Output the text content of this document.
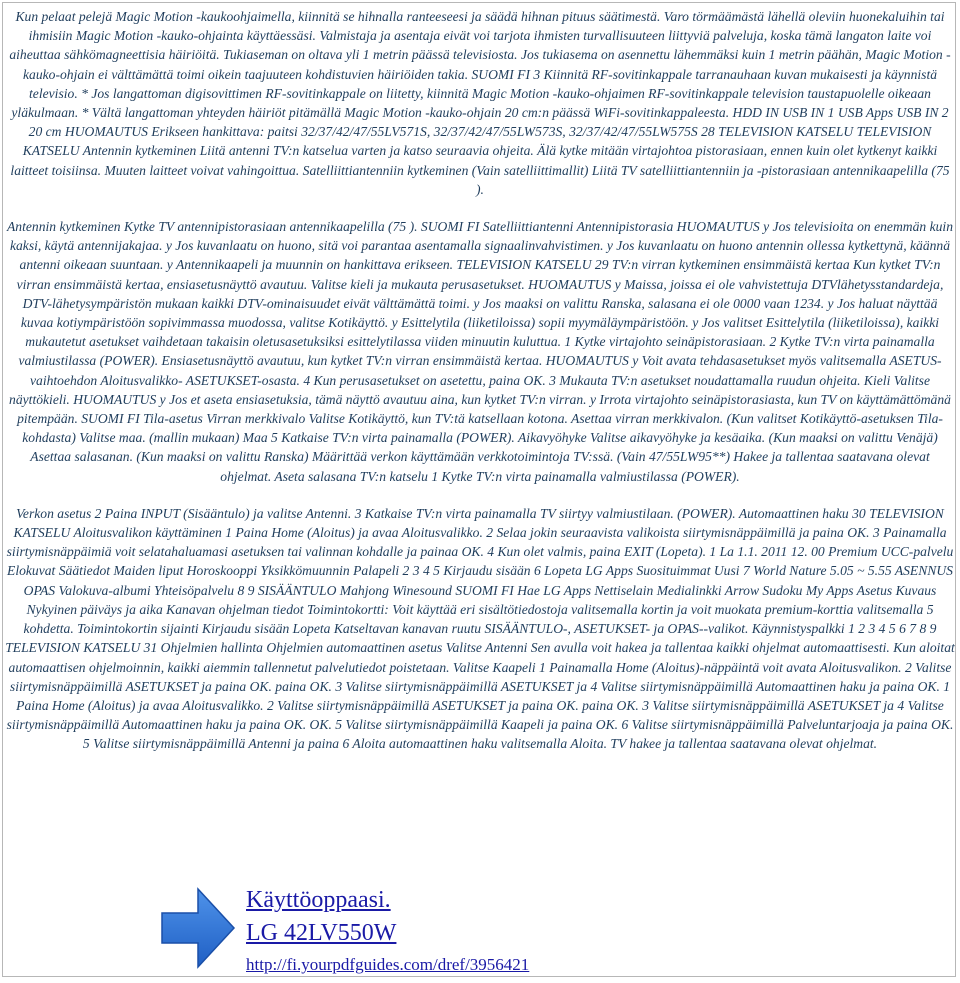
Kun pelaat pelejä Magic Motion -kaukoohjaimella, kiinnitä se hihnalla ranteeseesi ja säädä hihnan pituus säätimestä. Varo törmäämästä lähellä oleviin huonekaluihin tai ihmisiin Magic Motion -kauko-ohjainta käyttäessäsi. Valmistaja ja asentaja eivät voi tarjota ihmisten turvallisuuteen liittyviä palveluja, koska tämä langaton laite voi aiheuttaa sähkömagneettisia häiriöitä. Tukiaseman on oltava yli 1 metrin päässä televisiosta. Jos tukiasema on asennettu lähemmäksi kuin 1 metrin päähän, Magic Motion -kauko-ohjain ei välttämättä toimi oikein taajuuteen kohdistuvien häiriöiden takia. SUOMI FI 3 Kiinnitä RF-sovitinkappale tarranauhaan kuvan mukaisesti ja käynnistä televisio. * Jos langattoman digisovittimen RF-sovitinkappale on liitetty, kiinnitä Magic Motion -kauko-ohjaimen RF-sovitinkappale television taustapuolelle oikeaan yläkulmaan. * Vältä langattoman yhteyden häiriöt pitämällä Magic Motion -kauko-ohjain 20 cm:n päässä WiFi-sovitinkappaleesta. HDD IN USB IN 1 USB Apps USB IN 2 20 cm HUOMAUTUS Erikseen hankittava: paitsi 32/37/42/47/55LV571S, 32/37/42/47/55LW573S, 32/37/42/47/55LW575S 28 TELEVISION KATSELU TELEVISION KATSELU Antennin kytkeminen Liitä antenni TV:n katselua varten ja katso seuraavia ohjeita. Älä kytke mitään virtajohtoa pistorasiaan, ennen kuin olet kytkenyt kaikki laitteet toisiinsa. Muuten laitteet voivat vahingoittua. Satelliittiantenniin kytkeminen (Vain satelliittimallit) Liitä TV satelliittiantenniin ja -pistorasiaan antennikaapelilla (75 ).

Antennin kytkeminen Kytke TV antennipistorasiaan antennikaapelilla (75 ). SUOMI FI Satelliittiantenni Antennipistorasia HUOMAUTUS y Jos televisioita on enemmän kuin kaksi, käytä antennijakajaa. y Jos kuvanlaatu on huono, sitä voi parantaa asentamalla signaalinvahvistimen. y Jos kuvanlaatu on huono antennin ollessa kytkettynä, käännä antenni oikeaan suuntaan. y Antennikaapeli ja muunnin on hankittava erikseen. TELEVISION KATSELU 29 TV:n virran kytkeminen ensimmäistä kertaa Kun kytket TV:n virran ensimmäistä kertaa, ensiasetusnäyttö avautuu. Valitse kieli ja mukauta perusasetukset. HUOMAUTUS y Maissa, joissa ei ole vahvistettuja DTVlähetysstandardeja, DTV-lähetysympäristön mukaan kaikki DTV-ominaisuudet eivät välttämättä toimi. y Jos maaksi on valittu Ranska, salasana ei ole 0000 vaan 1234. y Jos haluat näyttää kuvaa kotiympäristöön sopivimmassa muodossa, valitse Kotikäyttö. y Esittelytila (liiketiloissa) sopii myymäläympäristöön. y Jos valitset Esittelytila (liiketiloissa), kaikki mukautetut asetukset vaihdetaan takaisin oletusasetuksiksi esittelytilassa viiden minuutin kuluttua. 1 Kytke virtajohto seinäpistorasiaan. 2 Kytke TV:n virta painamalla valmiustilassa (POWER). Ensiasetusnäyttö avautuu, kun kytket TV:n virran ensimmäistä kertaa. HUOMAUTUS y Voit avata tehdasasetukset myös valitsemalla ASETUS-vaihtoehdon Aloitusvalikko- ASETUKSET-osasta. 4 Kun perusasetukset on asetettu, paina OK. 3 Mukauta TV:n asetukset noudattamalla ruudun ohjeita. Kieli Valitse näyttökieli. HUOMAUTUS y Jos et aseta ensiasetuksia, tämä näyttö avautuu aina, kun kytket TV:n virran. y Irrota virtajohto seinäpistorasiasta, kun TV on käyttämättömänä pitempään. SUOMI FI Tila-asetus Virran merkkivalo Valitse Kotikäyttö, kun TV:tä katsellaan kotona. Asettaa virran merkkivalon. (Kun valitset Kotikäyttö-asetuksen Tila-kohdasta) Valitse maa. (mallin mukaan) Maa 5 Katkaise TV:n virta painamalla (POWER). Aikavyöhyke Valitse aikavyöhyke ja kesäaika. (Kun maaksi on valittu Venäjä) Asettaa salasanan. (Kun maaksi on valittu Ranska) Määrittää verkon käyttämään verkkotoimintoja TV:ssä. (Vain 47/55LW95**) Hakee ja tallentaa saatavana olevat ohjelmat. Aseta salasana TV:n katselu 1 Kytke TV:n virta painamalla valmiustilassa (POWER).

Verkon asetus 2 Paina INPUT (Sisääntulo) ja valitse Antenni. 3 Katkaise TV:n virta painamalla TV siirtyy valmiustilaan. (POWER). Automaattinen haku 30 TELEVISION KATSELU Aloitusvalikon käyttäminen 1 Paina Home (Aloitus) ja avaa Aloitusvalikko. 2 Selaa jokin seuraavista valikoista siirtymisnäppäimillä ja paina OK. 3 Painamalla siirtymisnäppäimiä voit selatahaluamasi asetuksen tai valinnan kohdalle ja painaa OK. 4 Kun olet valmis, paina EXIT (Lopeta). 1 La 1.1. 2011 12. 00 Premium UCC-palvelu Elokuvat Säätiedot Maiden liput Horoskooppi Yksikkömuunnin Palapeli 2 3 4 5 Kirjaudu sisään 6 Lopeta LG Apps Suosituimmat Uusi 7 World Nature 5.05 ~ 5.55 ASENNUS OPAS Valokuva-albumi Yhteisöpalvelu 8 9 SISÄÄNTULO Mahjong Winesound SUOMI FI Hae LG Apps Nettiselain Medialinkki Arrow Sudoku My Apps Asetus Kuvaus Nykyinen päiväys ja aika Kanavan ohjelman tiedot Toimintokortti: Voit käyttää eri sisältötiedostoja valitsemalla kortin ja voit muokata premium-korttia valitsemalla 5 kohdetta. Toimintokortin sijainti Kirjaudu sisään Lopeta Katseltavan kanavan ruutu SISÄÄNTULO-, ASETUKSET- ja OPAS--valikot. Käynnistyspalkki 1 2 3 4 5 6 7 8 9 TELEVISION KATSELU 31 Ohjelmien hallinta Ohjelmien automaattinen asetus Valitse Antenni Sen avulla voit hakea ja tallentaa kaikki ohjelmat automaattisesti. Kun aloitat automaattisen ohjelmoinnin, kaikki aiemmin tallennetut palvelutiedot poistetaan. Valitse Kaapeli 1 Painamalla Home (Aloitus)-näppäintä voit avata Aloitusvalikon. 2 Valitse siirtymisnäppäimillä ASETUKSET ja paina OK. paina OK. 3 Valitse siirtymisnäppäimillä ASETUKSET ja 4 Valitse siirtymisnäppäimillä Automaattinen haku ja paina OK. 1 Paina Home (Aloitus) ja avaa Aloitusvalikko. 2 Valitse siirtymisnäppäimillä ASETUKSET ja paina OK. paina OK. 3 Valitse siirtymisnäppäimillä ASETUKSET ja 4 Valitse siirtymisnäppäimillä Automaattinen haku ja paina OK. OK. 5 Valitse siirtymisnäppäimillä Kaapeli ja paina OK. 6 Valitse siirtymisnäppäimillä Palveluntarjoaja ja paina OK. 5 Valitse siirtymisnäppäimillä Antenni ja paina 6 Aloita automaattinen haku valitsemalla Aloita. TV hakee ja tallentaa saatavana olevat ohjelmat.

Käyttöoppaasi.
LG 42LV550W
http://fi.yourpdfguides.com/dref/3956421
